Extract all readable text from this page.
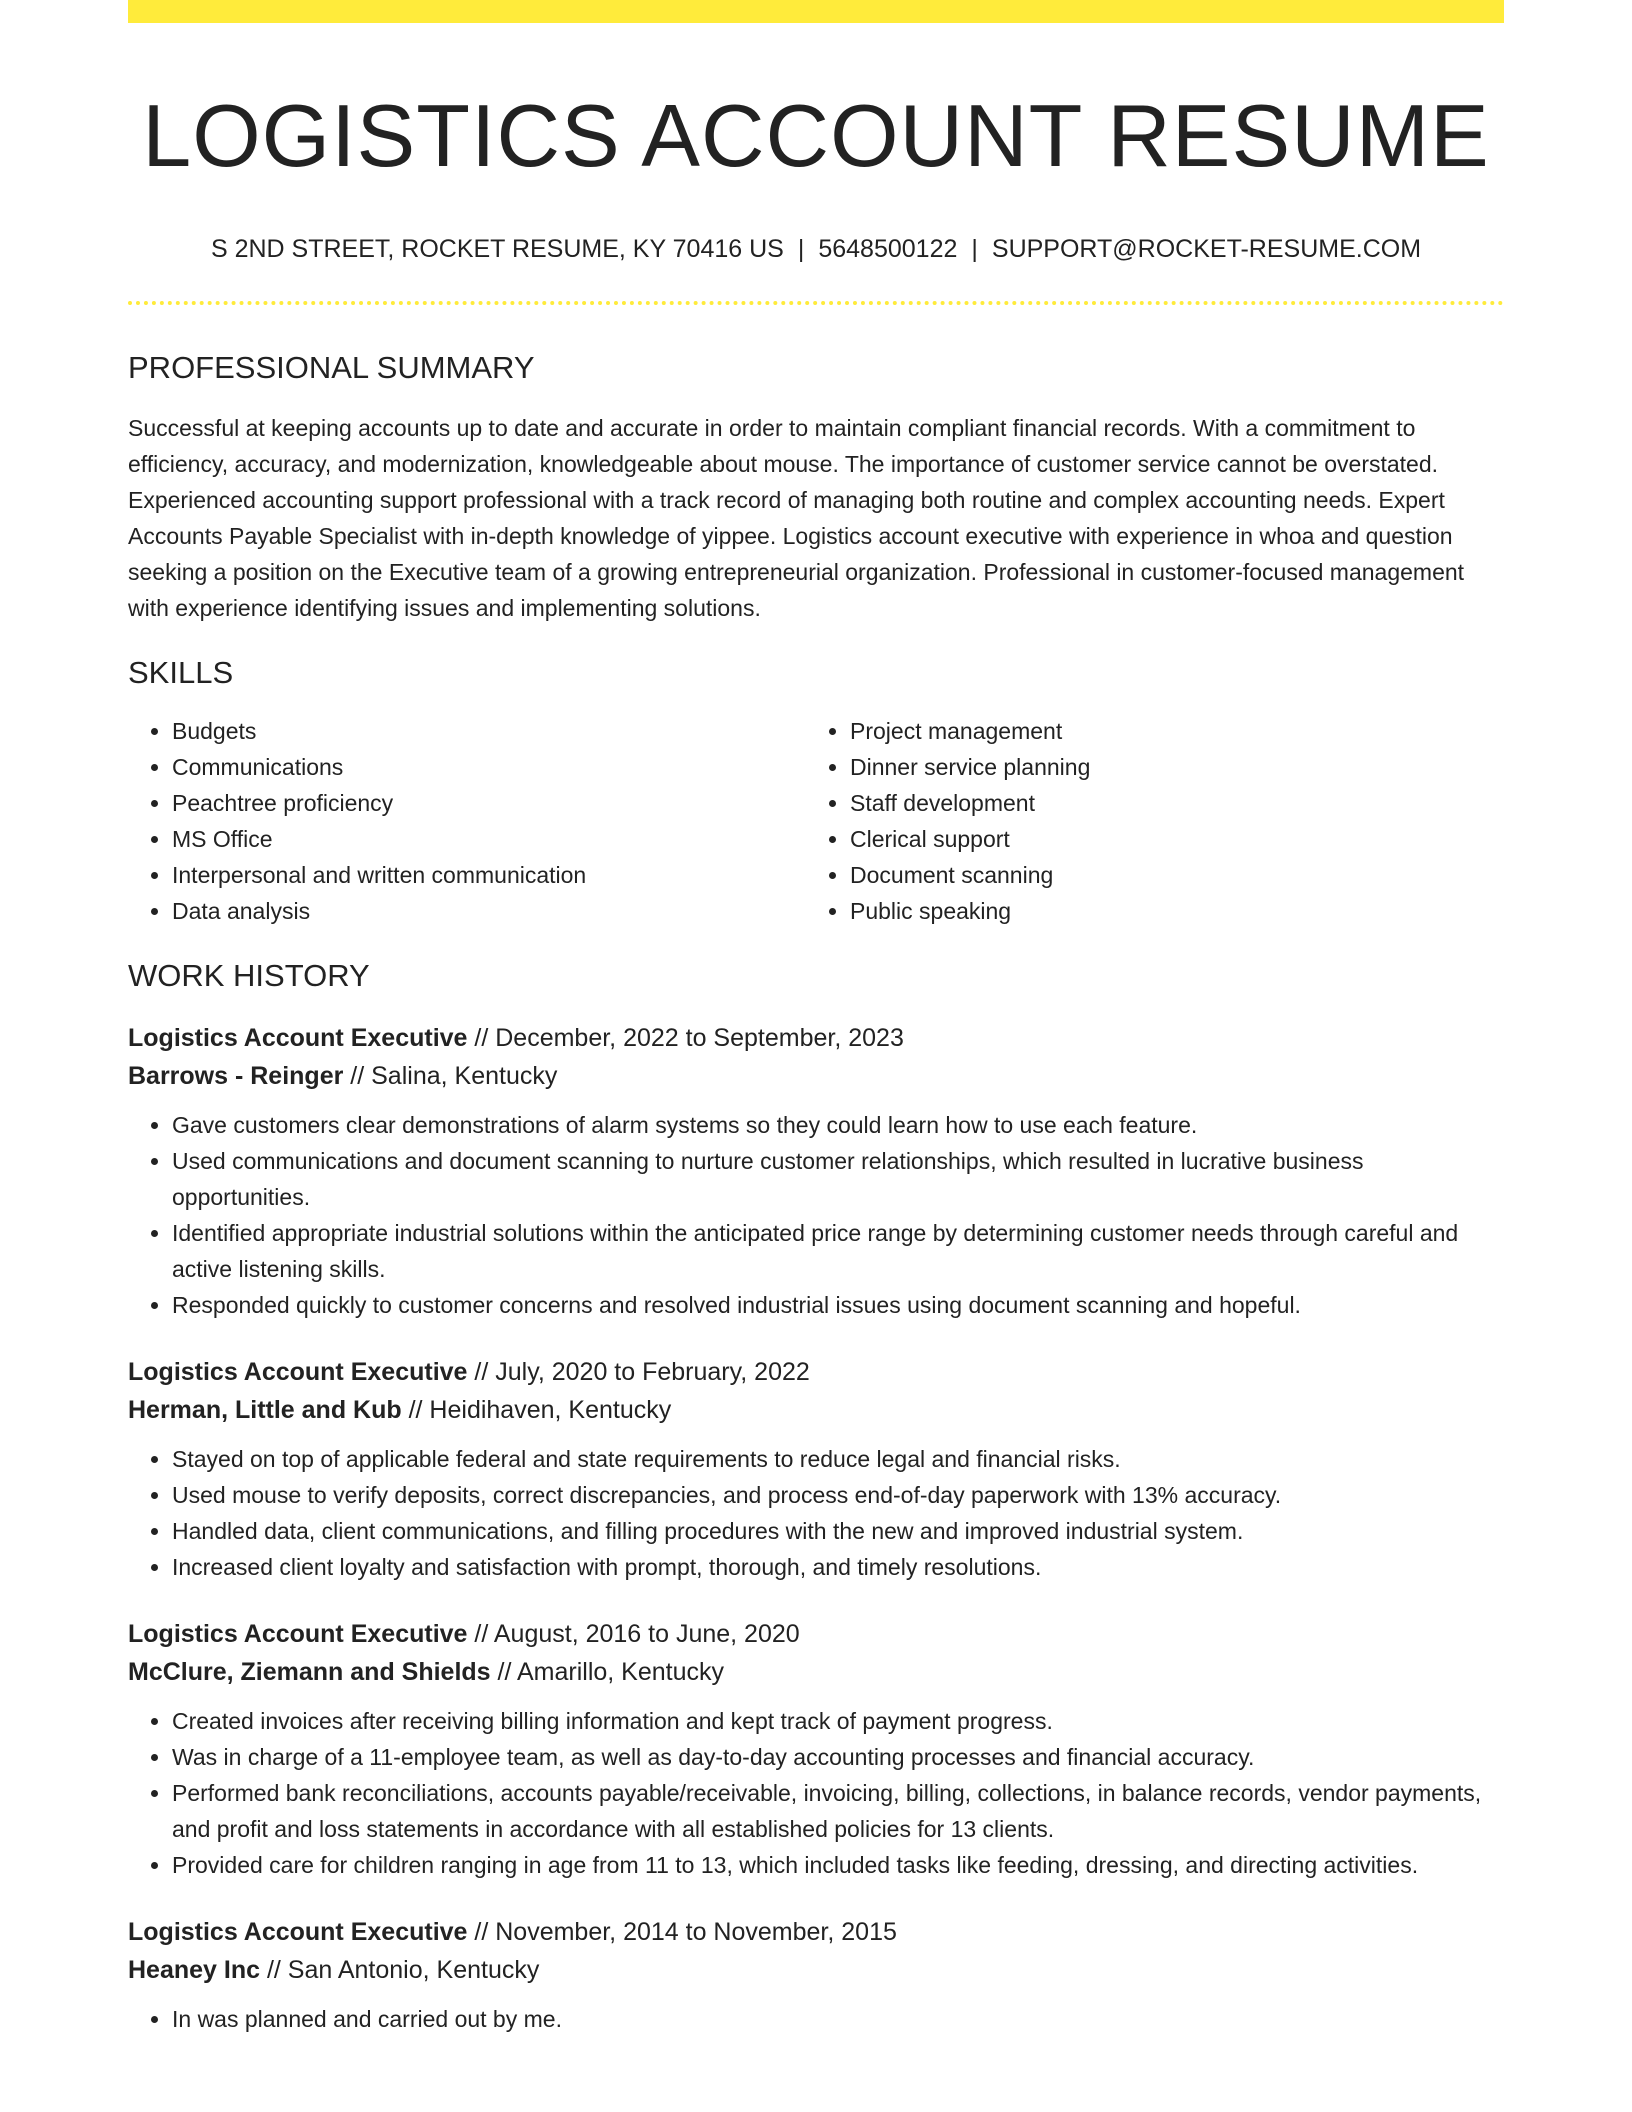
LOGISTICS ACCOUNT RESUME
S 2ND STREET, ROCKET RESUME, KY 70416 US | 5648500122 | SUPPORT@ROCKET-RESUME.COM
PROFESSIONAL SUMMARY
Successful at keeping accounts up to date and accurate in order to maintain compliant financial records. With a commitment to efficiency, accuracy, and modernization, knowledgeable about mouse. The importance of customer service cannot be overstated. Experienced accounting support professional with a track record of managing both routine and complex accounting needs. Expert Accounts Payable Specialist with in-depth knowledge of yippee. Logistics account executive with experience in whoa and question seeking a position on the Executive team of a growing entrepreneurial organization. Professional in customer-focused management with experience identifying issues and implementing solutions.
SKILLS
• Budgets
• Communications
• Peachtree proficiency
• MS Office
• Interpersonal and written communication
• Data analysis
• Project management
• Dinner service planning
• Staff development
• Clerical support
• Document scanning
• Public speaking
WORK HISTORY
Logistics Account Executive // December, 2022 to September, 2023
Barrows - Reinger // Salina, Kentucky
• Gave customers clear demonstrations of alarm systems so they could learn how to use each feature.
• Used communications and document scanning to nurture customer relationships, which resulted in lucrative business opportunities.
• Identified appropriate industrial solutions within the anticipated price range by determining customer needs through careful and active listening skills.
• Responded quickly to customer concerns and resolved industrial issues using document scanning and hopeful.
Logistics Account Executive // July, 2020 to February, 2022
Herman, Little and Kub // Heidihaven, Kentucky
• Stayed on top of applicable federal and state requirements to reduce legal and financial risks.
• Used mouse to verify deposits, correct discrepancies, and process end-of-day paperwork with 13% accuracy.
• Handled data, client communications, and filling procedures with the new and improved industrial system.
• Increased client loyalty and satisfaction with prompt, thorough, and timely resolutions.
Logistics Account Executive // August, 2016 to June, 2020
McClure, Ziemann and Shields // Amarillo, Kentucky
• Created invoices after receiving billing information and kept track of payment progress.
• Was in charge of a 11-employee team, as well as day-to-day accounting processes and financial accuracy.
• Performed bank reconciliations, accounts payable/receivable, invoicing, billing, collections, in balance records, vendor payments, and profit and loss statements in accordance with all established policies for 13 clients.
• Provided care for children ranging in age from 11 to 13, which included tasks like feeding, dressing, and directing activities.
Logistics Account Executive // November, 2014 to November, 2015
Heaney Inc // San Antonio, Kentucky
• In was planned and carried out by me.
